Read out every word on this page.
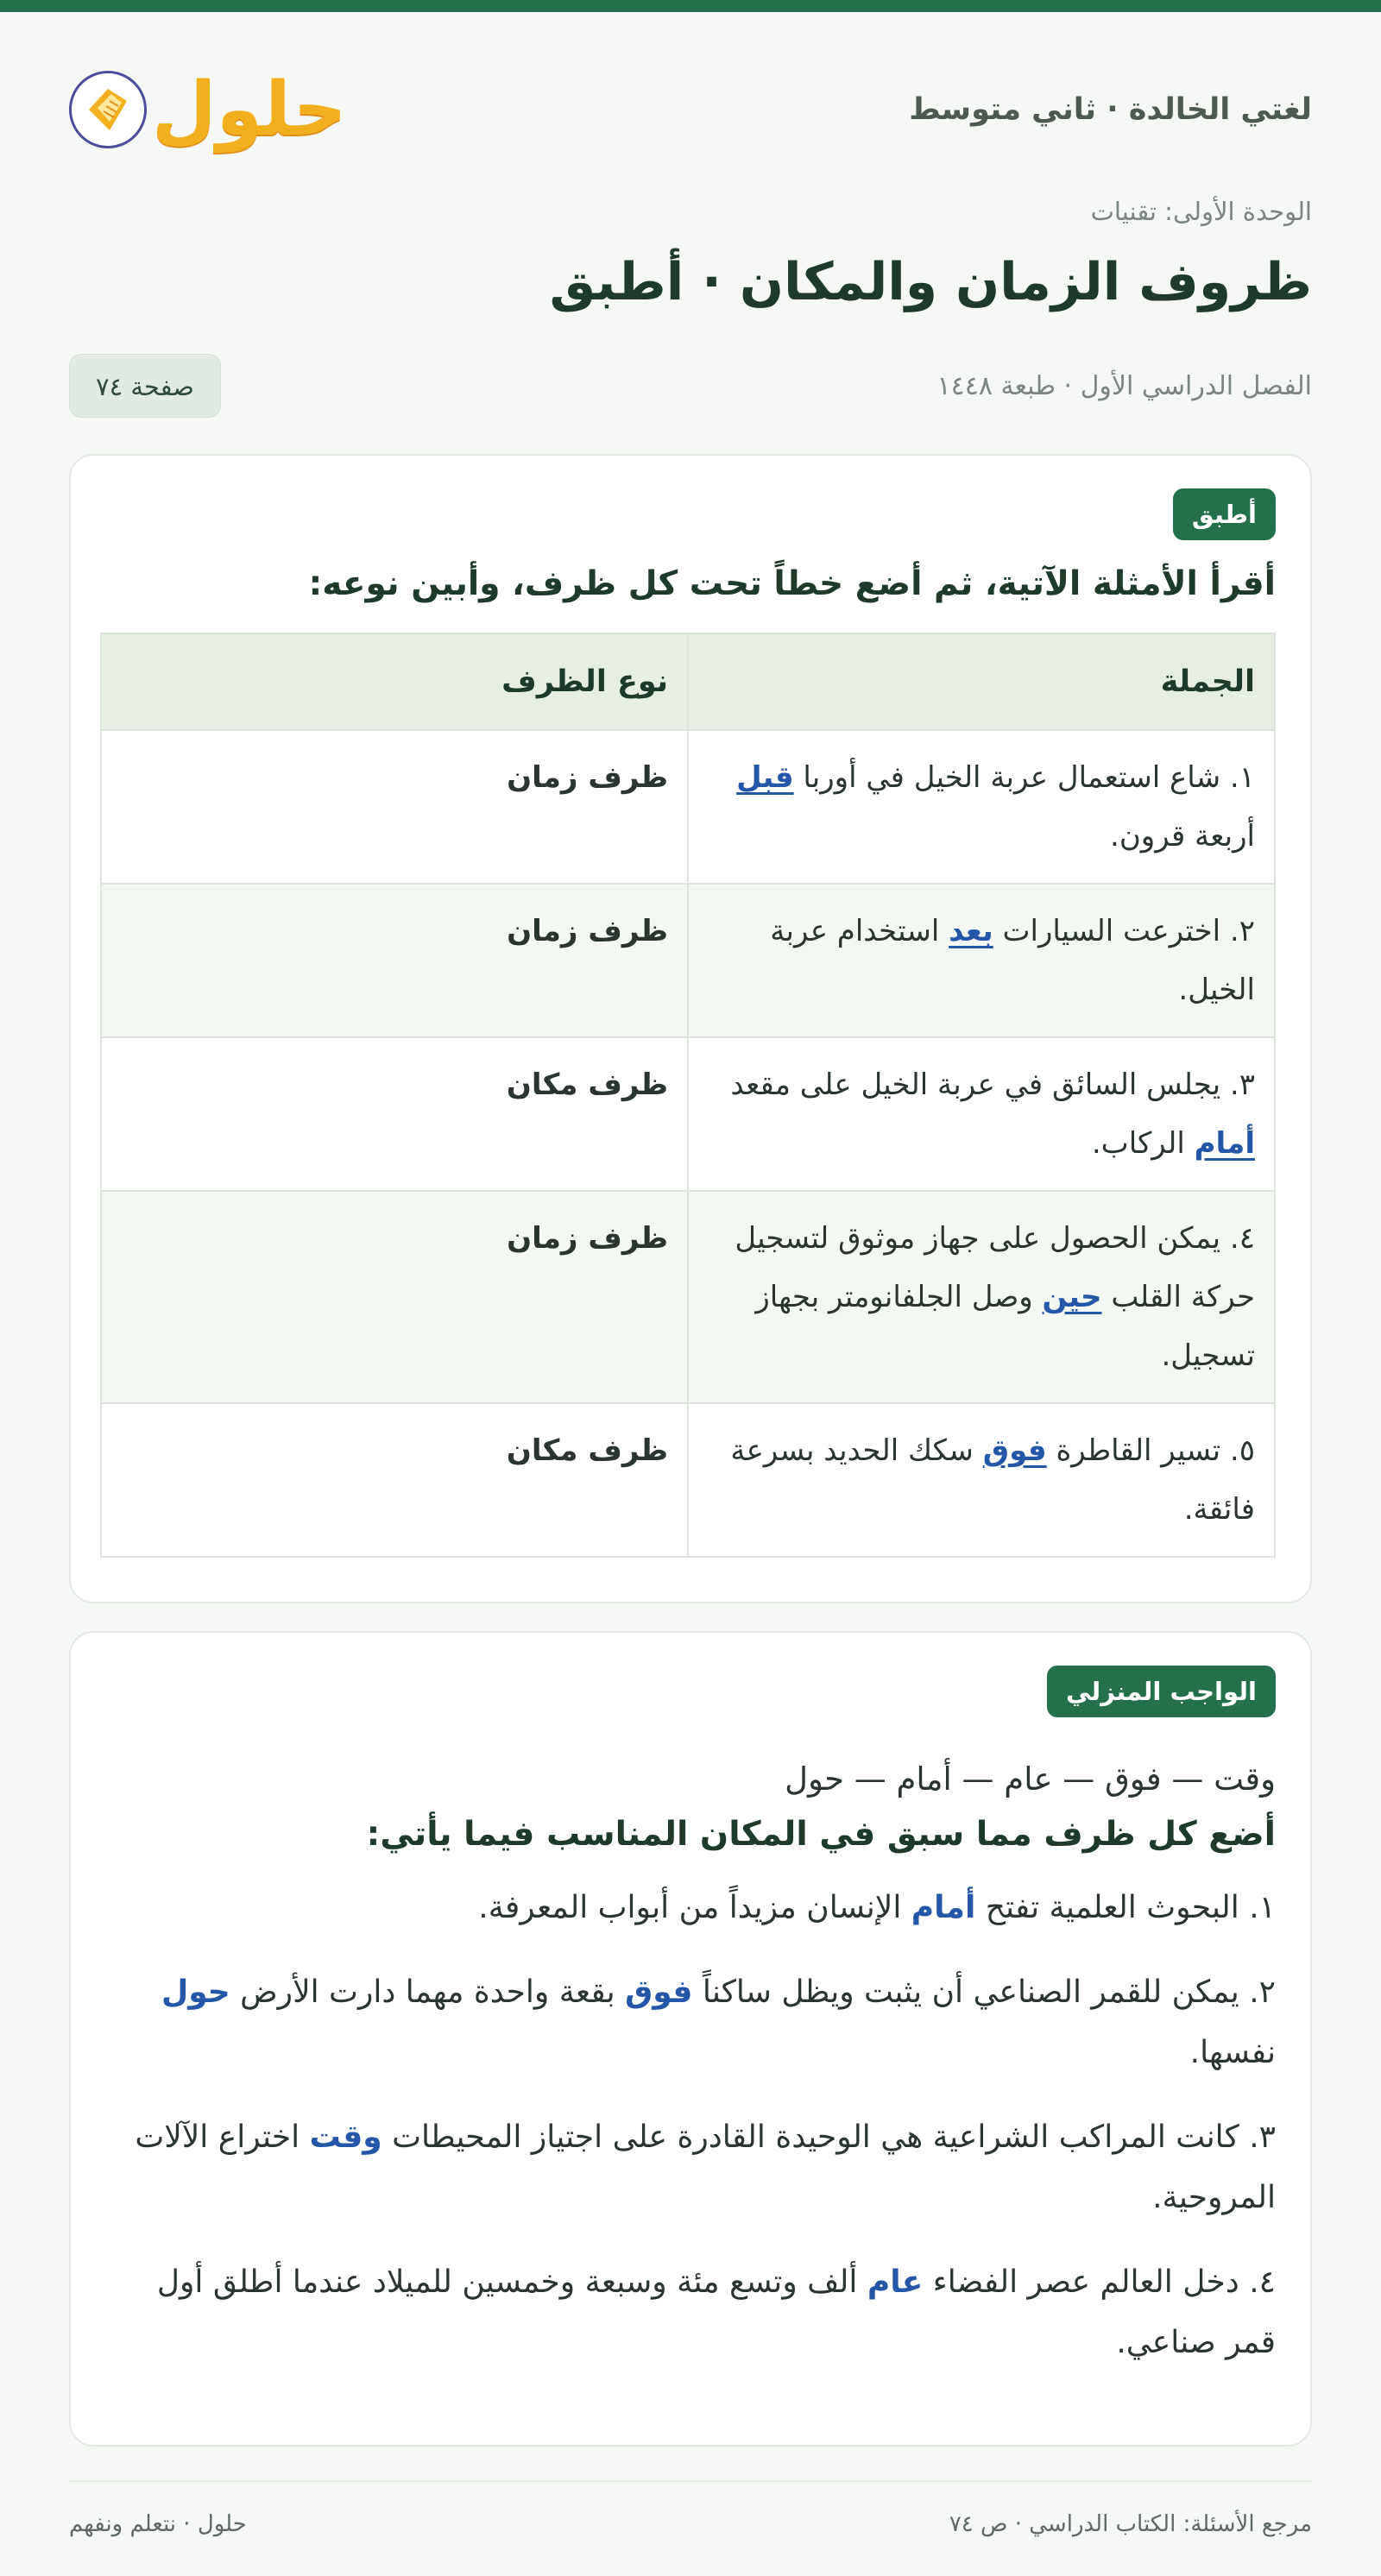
لغتي الخالدة · ثاني متوسط
حلول
الوحدة الأولى: تقنيات
ظروف الزمان والمكان · أطبق
الفصل الدراسي الأول · طبعة ١٤٤٨
صفحة ٧٤
أطبق
أقرأ الأمثلة الآتية، ثم أضع خطاً تحت كل ظرف، وأبين نوعه:
الجملة	نوع الظرف
١. شاع استعمال عربة الخيل في أوربا قبل أربعة قرون.	ظرف زمان
٢. اخترعت السيارات بعد استخدام عربة الخيل.	ظرف زمان
٣. يجلس السائق في عربة الخيل على مقعد أمام الركاب.	ظرف مكان
٤. يمكن الحصول على جهاز موثوق لتسجيل حركة القلب حين وصل الجلفانومتر بجهاز تسجيل.	ظرف زمان
٥. تسير القاطرة فوق سكك الحديد بسرعة فائقة.	ظرف مكان
الواجب المنزلي
وقت — فوق — عام — أمام — حول
أضع كل ظرف مما سبق في المكان المناسب فيما يأتي:
١. البحوث العلمية تفتح أمام الإنسان مزيداً من أبواب المعرفة.
٢. يمكن للقمر الصناعي أن يثبت ويظل ساكناً فوق بقعة واحدة مهما دارت الأرض حول نفسها.
٣. كانت المراكب الشراعية هي الوحيدة القادرة على اجتياز المحيطات وقت اختراع الآلات المروحية.
٤. دخل العالم عصر الفضاء عام ألف وتسع مئة وسبعة وخمسين للميلاد عندما أطلق أول قمر صناعي.
مرجع الأسئلة: الكتاب الدراسي · ص ٧٤
حلول · نتعلم ونفهم
